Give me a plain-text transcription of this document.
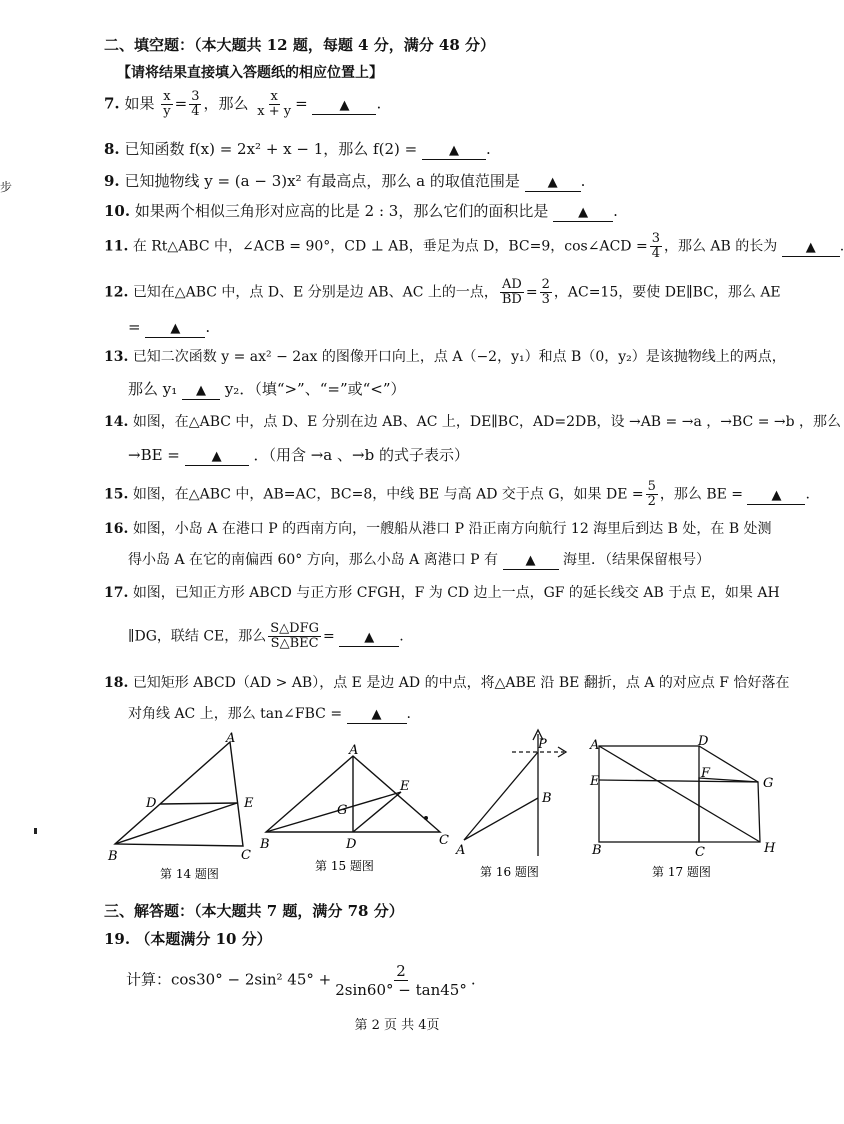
步
二、填空题：（本大题共 12 题，每题 4 分，满分 48 分）
【请将结果直接填入答题纸的相应位置上】
7. 如果 $\frac{x}{y} = \frac{3}{4}$ ，那么 $\frac{x}{x + y}$ = ▲ .
8. 已知函数 f(x) = 2x² + x − 1，那么 f(2) = ▲ .
9. 已知抛物线 y = (a − 3)x² 有最高点，那么 a 的取值范围是 ▲ .
10. 如果两个相似三角形对应高的比是 2 : 3，那么它们的面积比是 ▲ .
11. 在 Rt△ABC 中，∠ACB = 90°，CD ⊥ AB，垂足为点 D，BC=9，cos∠ACD = $\frac{3}{4}$ ，那么 AB 的长为 ▲ .
12. 已知在△ABC 中，点 D、E 分别是边 AB、AC 上的一点， $\frac{AD}{BD} = \frac{2}{3}$ ，AC=15，要使 DE∥BC，那么 AE
= ▲ .
13. 已知二次函数 y = ax² − 2ax 的图像开口向上，点 A（−2，y₁）和点 B（0，y₂）是该抛物线上的两点，
那么 y₁ ▲ y₂．（填“>”、“=”或“<”）
14. 如图，在△ABC 中，点 D、E 分别在边 AB、AC 上，DE∥BC，AD=2DB，设 →AB = →a ，→BC = →b ，那么
→BE = ▲ ．（用含 →a 、→b 的式子表示）
15. 如图，在△ABC 中，AB=AC，BC=8，中线 BE 与高 AD 交于点 G，如果 DE = $\frac{5}{2}$ ，那么 BE = ▲ .
16. 如图，小岛 A 在港口 P 的西南方向，一艘船从港口 P 沿正南方向航行 12 海里后到达 B 处，在 B 处测
得小岛 A 在它的南偏西 60° 方向，那么小岛 A 离港口 P 有 ▲ 海里．（结果保留根号）
17. 如图，已知正方形 ABCD 与正方形 CFGH，F 为 CD 边上一点，GF 的延长线交 AB 于点 E，如果 AH
∥DG，联结 CE，那么 $\frac{\text{S△DFG}}{\text{S△BEC}}$ = ▲ .
18. 已知矩形 ABCD（AD > AB），点 E 是边 AD 的中点，将△ABE 沿 BE 翻折，点 A 的对应点 F 恰好落在
对角线 AC 上，那么 tan∠FBC = ▲ .
A
B	C
D	E
第 14 题图
A
B	C
D
E
G
第 15 题图
P
B
A
第 16 题图
A	D
E
F
G
B	C	H
第 17 题图
三、解答题：（本大题共 7 题，满分 78 分）
19. （本题满分 10 分）
计算：cos30° − 2sin² $45^\circ + \frac{2}{2\sin 60^\circ - \tan 45^\circ}$ .
第 2 页 共 4页
